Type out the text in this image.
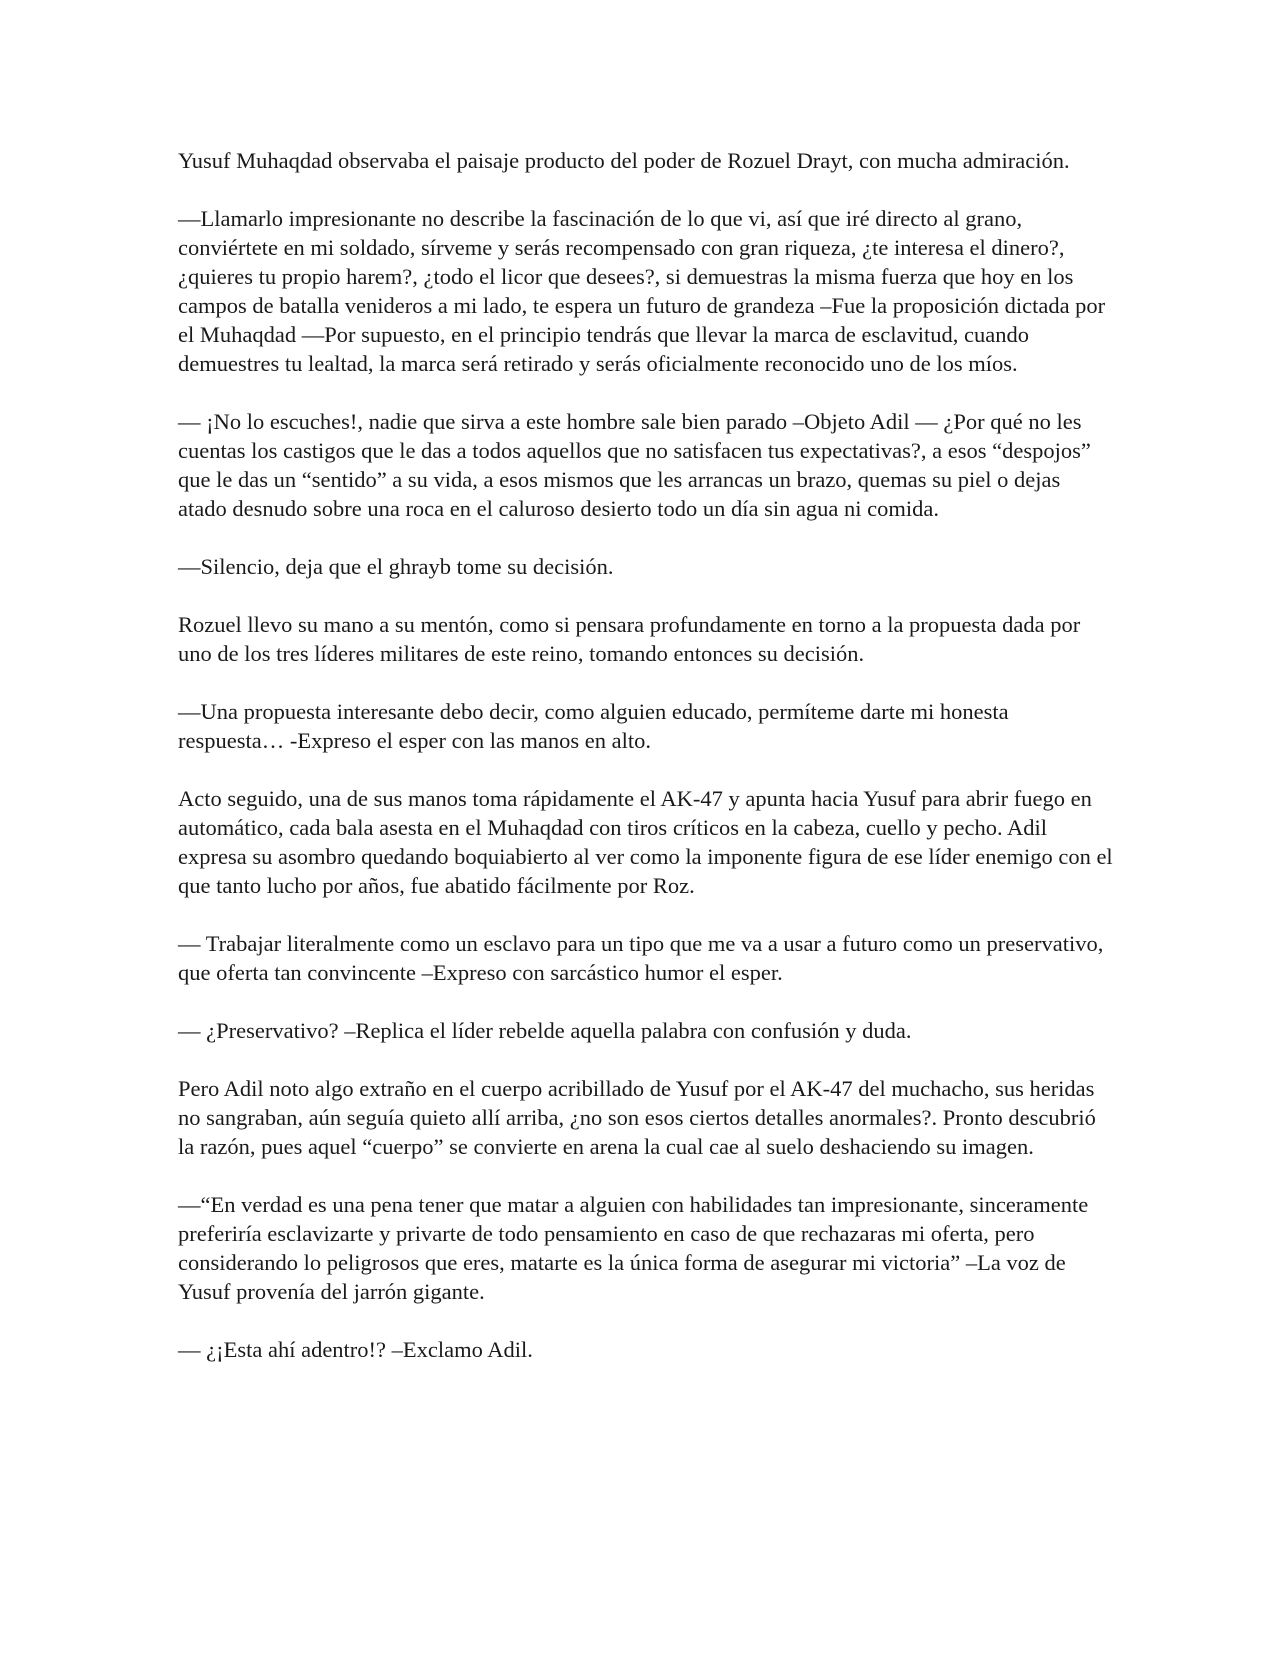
Yusuf Muhaqdad observaba el paisaje producto del poder de Rozuel Drayt, con mucha admiración.

—Llamarlo impresionante no describe la fascinación de lo que vi, así que iré directo al grano, conviértete en mi soldado, sírveme y serás recompensado con gran riqueza, ¿te interesa el dinero?, ¿quieres tu propio harem?, ¿todo el licor que desees?, si demuestras la misma fuerza que hoy en los campos de batalla venideros a mi lado, te espera un futuro de grandeza –Fue la proposición dictada por el Muhaqdad —Por supuesto, en el principio tendrás que llevar la marca de esclavitud, cuando demuestres tu lealtad, la marca será retirado y serás oficialmente reconocido uno de los míos.

— ¡No lo escuches!, nadie que sirva a este hombre sale bien parado –Objeto Adil — ¿Por qué no les cuentas los castigos que le das a todos aquellos que no satisfacen tus expectativas?, a esos “despojos” que le das un “sentido” a su vida, a esos mismos que les arrancas un brazo, quemas su piel o dejas atado desnudo sobre una roca en el caluroso desierto todo un día sin agua ni comida.

—Silencio, deja que el ghrayb tome su decisión.

Rozuel llevo su mano a su mentón, como si pensara profundamente en torno a la propuesta dada por uno de los tres líderes militares de este reino, tomando entonces su decisión.

—Una propuesta interesante debo decir, como alguien educado, permíteme darte mi honesta respuesta… -Expreso el esper con las manos en alto.

Acto seguido, una de sus manos toma rápidamente el AK-47 y apunta hacia Yusuf para abrir fuego en automático, cada bala asesta en el Muhaqdad con tiros críticos en la cabeza, cuello y pecho. Adil expresa su asombro quedando boquiabierto al ver como la imponente figura de ese líder enemigo con el que tanto lucho por años, fue abatido fácilmente por Roz.

— Trabajar literalmente como un esclavo para un tipo que me va a usar a futuro como un preservativo, que oferta tan convincente –Expreso con sarcástico humor el esper.

— ¿Preservativo? –Replica el líder rebelde aquella palabra con confusión y duda.

Pero Adil noto algo extraño en el cuerpo acribillado de Yusuf por el AK-47 del muchacho, sus heridas no sangraban, aún seguía quieto allí arriba, ¿no son esos ciertos detalles anormales?. Pronto descubrió la razón, pues aquel “cuerpo” se convierte en arena la cual cae al suelo deshaciendo su imagen.

—“En verdad es una pena tener que matar a alguien con habilidades tan impresionante, sinceramente preferiría esclavizarte y privarte de todo pensamiento en caso de que rechazaras mi oferta, pero considerando lo peligrosos que eres, matarte es la única forma de asegurar mi victoria” –La voz de Yusuf provenía del jarrón gigante.

— ¿¡Esta ahí adentro!? –Exclamo Adil.
